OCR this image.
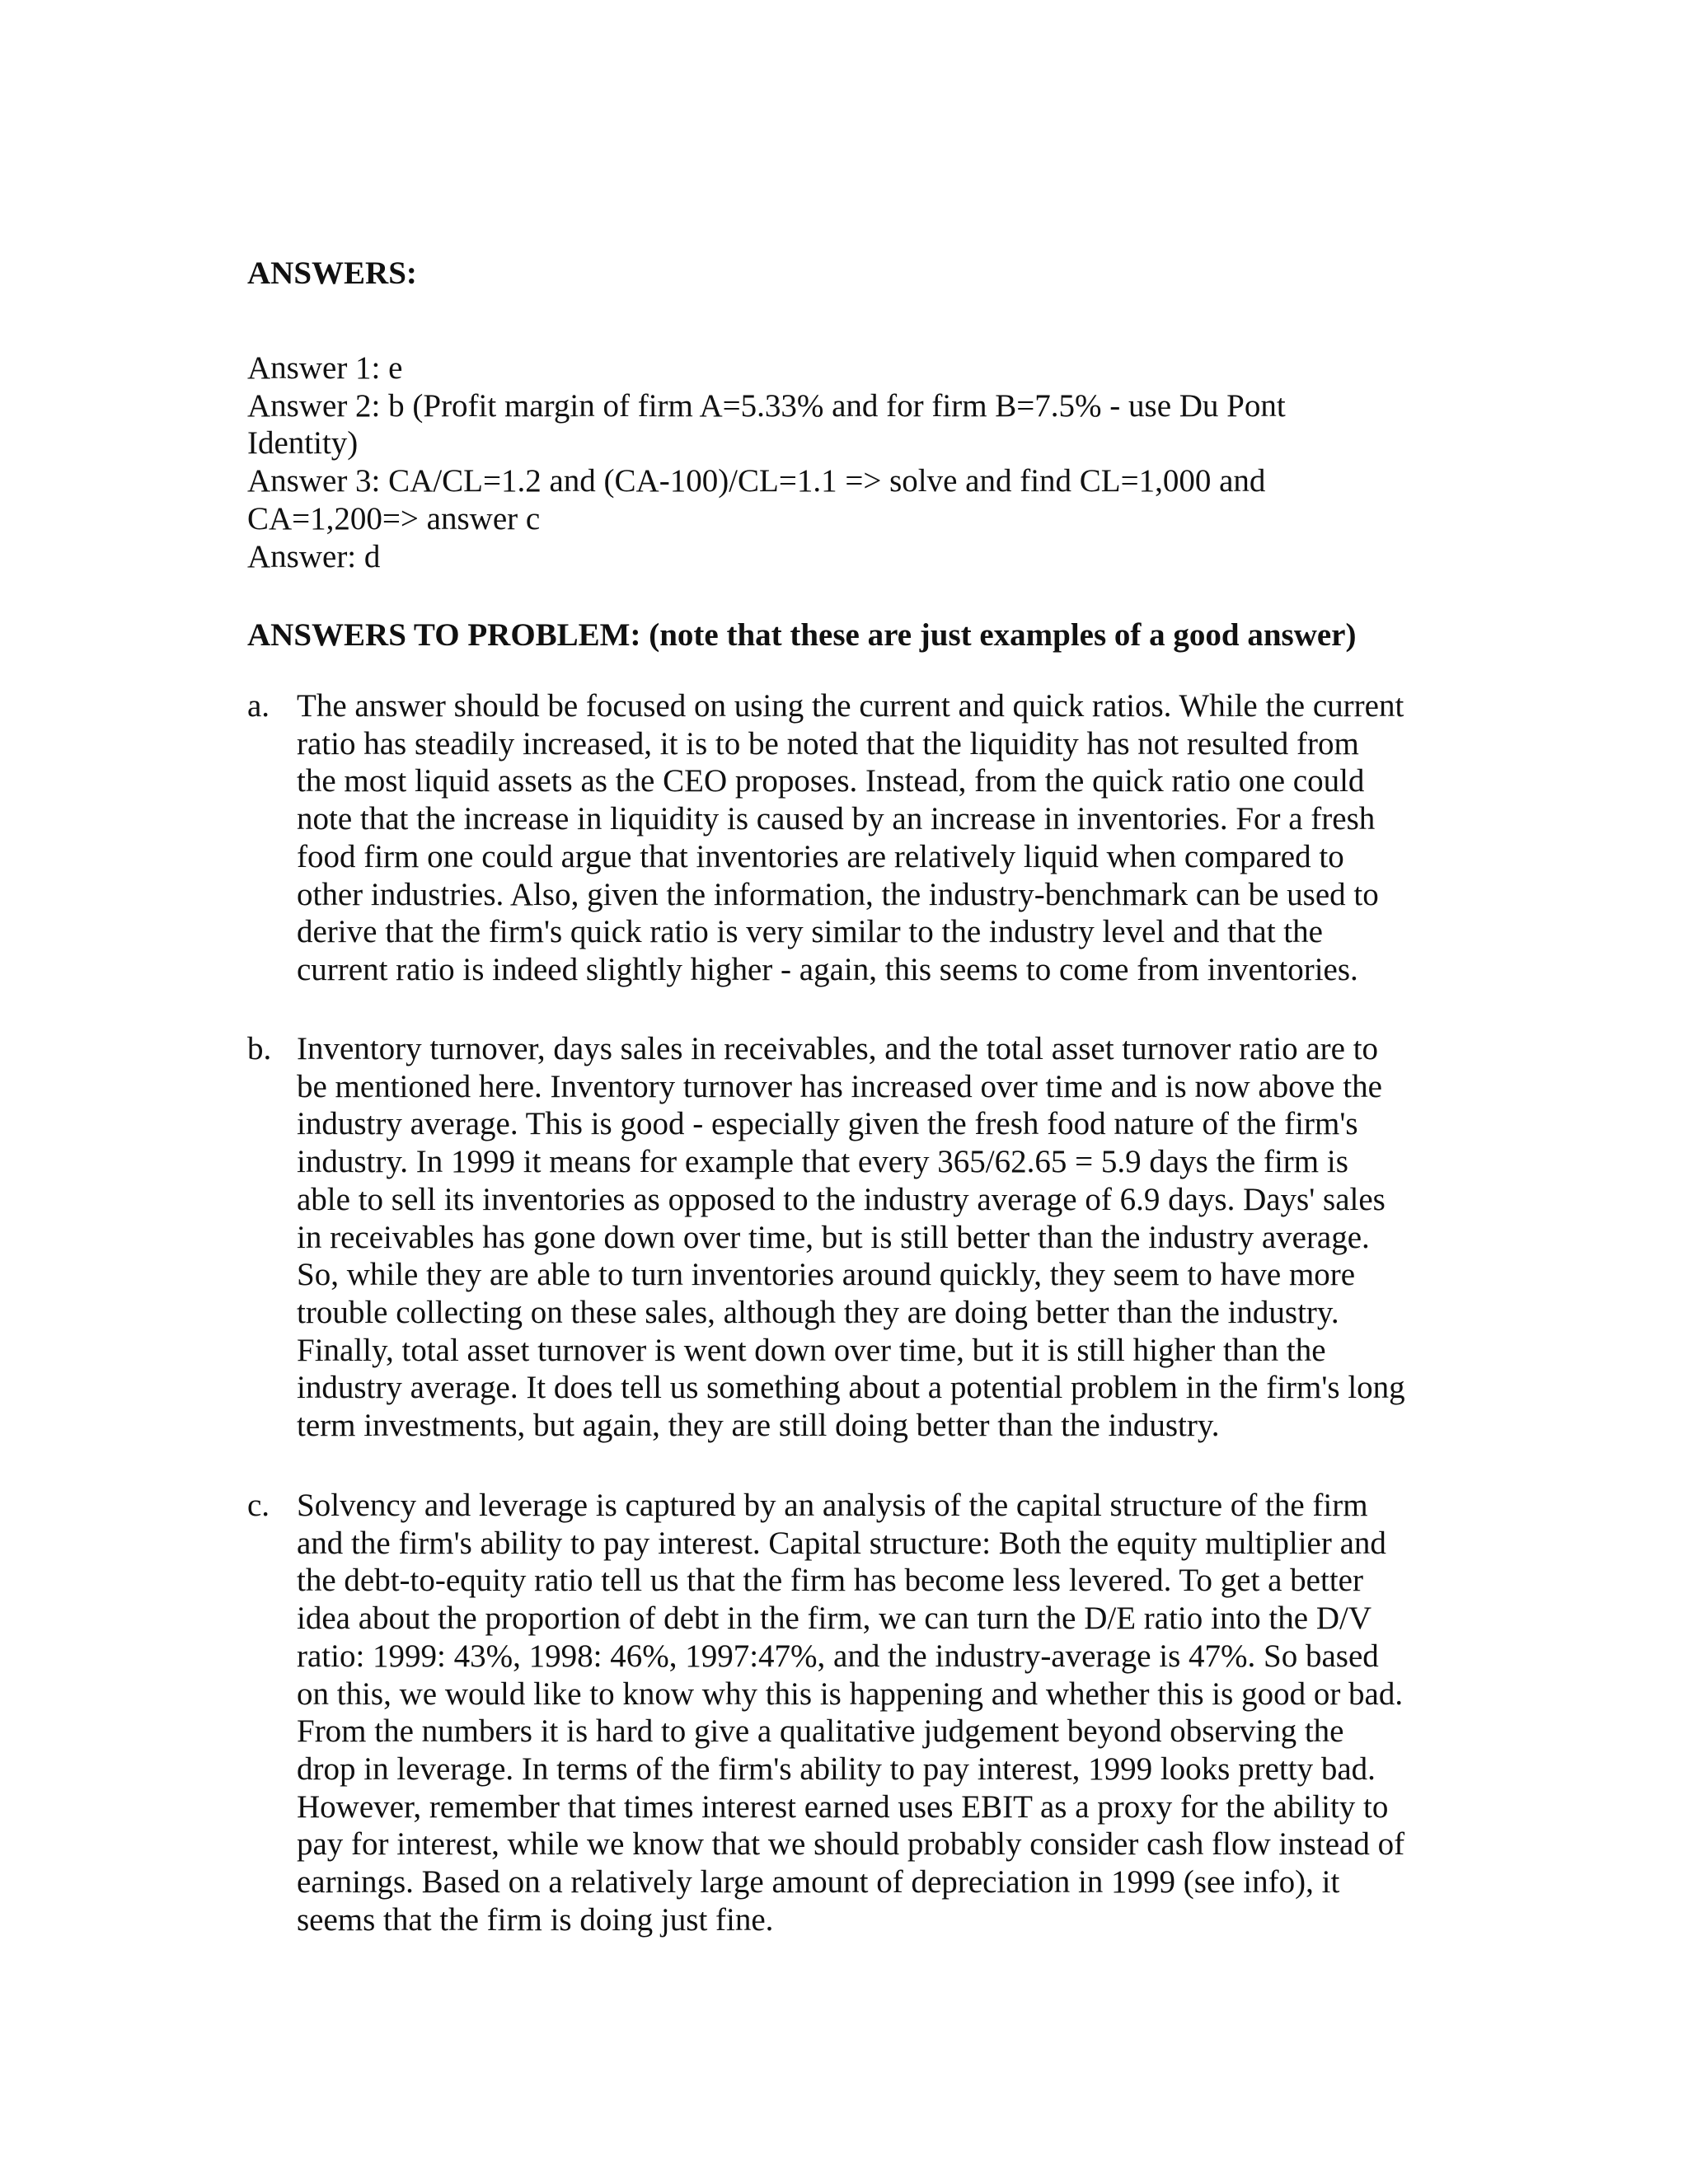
ANSWERS:
Answer 1: e
Answer 2: b (Profit margin of firm A=5.33% and for firm B=7.5% - use Du Pont
Identity)
Answer 3: CA/CL=1.2 and (CA-100)/CL=1.1 => solve and find CL=1,000 and
CA=1,200=> answer c
Answer: d
ANSWERS TO PROBLEM: (note that these are just examples of a good answer)
a. The answer should be focused on using the current and quick ratios. While the current
ratio has steadily increased, it is to be noted that the liquidity has not resulted from
the most liquid assets as the CEO proposes. Instead, from the quick ratio one could
note that the increase in liquidity is caused by an increase in inventories. For a fresh
food firm one could argue that inventories are relatively liquid when compared to
other industries. Also, given the information, the industry-benchmark can be used to
derive that the firm's quick ratio is very similar to the industry level and that the
current ratio is indeed slightly higher - again, this seems to come from inventories.
b. Inventory turnover, days sales in receivables, and the total asset turnover ratio are to
be mentioned here. Inventory turnover has increased over time and is now above the
industry average. This is good - especially given the fresh food nature of the firm's
industry. In 1999 it means for example that every 365/62.65 = 5.9 days the firm is
able to sell its inventories as opposed to the industry average of 6.9 days. Days' sales
in receivables has gone down over time, but is still better than the industry average.
So, while they are able to turn inventories around quickly, they seem to have more
trouble collecting on these sales, although they are doing better than the industry.
Finally, total asset turnover is went down over time, but it is still higher than the
industry average. It does tell us something about a potential problem in the firm's long
term investments, but again, they are still doing better than the industry.
c. Solvency and leverage is captured by an analysis of the capital structure of the firm
and the firm's ability to pay interest. Capital structure: Both the equity multiplier and
the debt-to-equity ratio tell us that the firm has become less levered. To get a better
idea about the proportion of debt in the firm, we can turn the D/E ratio into the D/V
ratio: 1999: 43%, 1998: 46%, 1997:47%, and the industry-average is 47%. So based
on this, we would like to know why this is happening and whether this is good or bad.
From the numbers it is hard to give a qualitative judgement beyond observing the
drop in leverage. In terms of the firm's ability to pay interest, 1999 looks pretty bad.
However, remember that times interest earned uses EBIT as a proxy for the ability to
pay for interest, while we know that we should probably consider cash flow instead of
earnings. Based on a relatively large amount of depreciation in 1999 (see info), it
seems that the firm is doing just fine.
